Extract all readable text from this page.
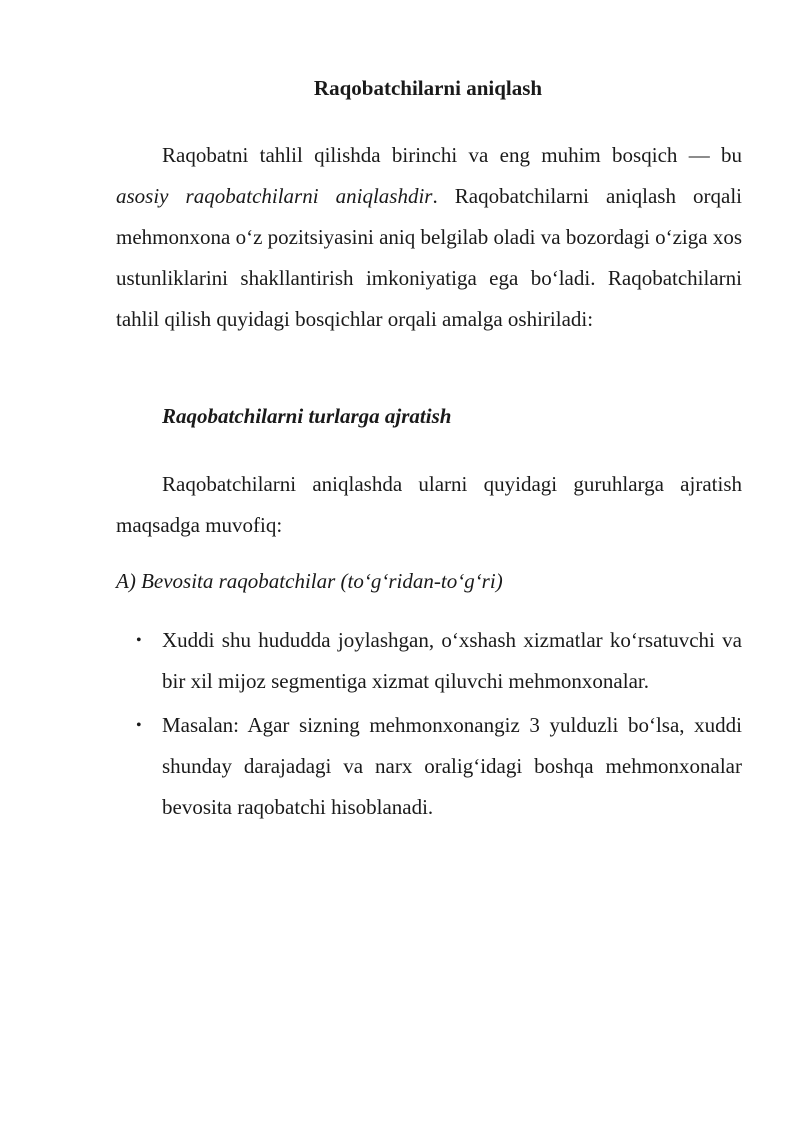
Raqobatchilarni aniqlash

Raqobatni tahlil qilishda birinchi va eng muhim bosqich — bu asosiy raqobatchilarni aniqlashdir. Raqobatchilarni aniqlash orqali mehmonxona o‘z pozitsiyasini aniq belgilab oladi va bozordagi o‘ziga xos ustunliklarini shakllantirish imkoniyatiga ega bo‘ladi. Raqobatchilarni tahlil qilish quyidagi bosqichlar orqali amalga oshiriladi:

Raqobatchilarni turlarga ajratish

Raqobatchilarni aniqlashda ularni quyidagi guruhlarga ajratish maqsadga muvofiq:

A) Bevosita raqobatchilar (to‘g‘ridan-to‘g‘ri)
• Xuddi shu hududda joylashgan, o‘xshash xizmatlar ko‘rsatuvchi va bir xil mijoz segmentiga xizmat qiluvchi mehmonxonalar.
• Masalan: Agar sizning mehmonxonangiz 3 yulduzli bo‘lsa, xuddi shunday darajadagi va narx oralig‘idagi boshqa mehmonxonalar bevosita raqobatchi hisoblanadi.
